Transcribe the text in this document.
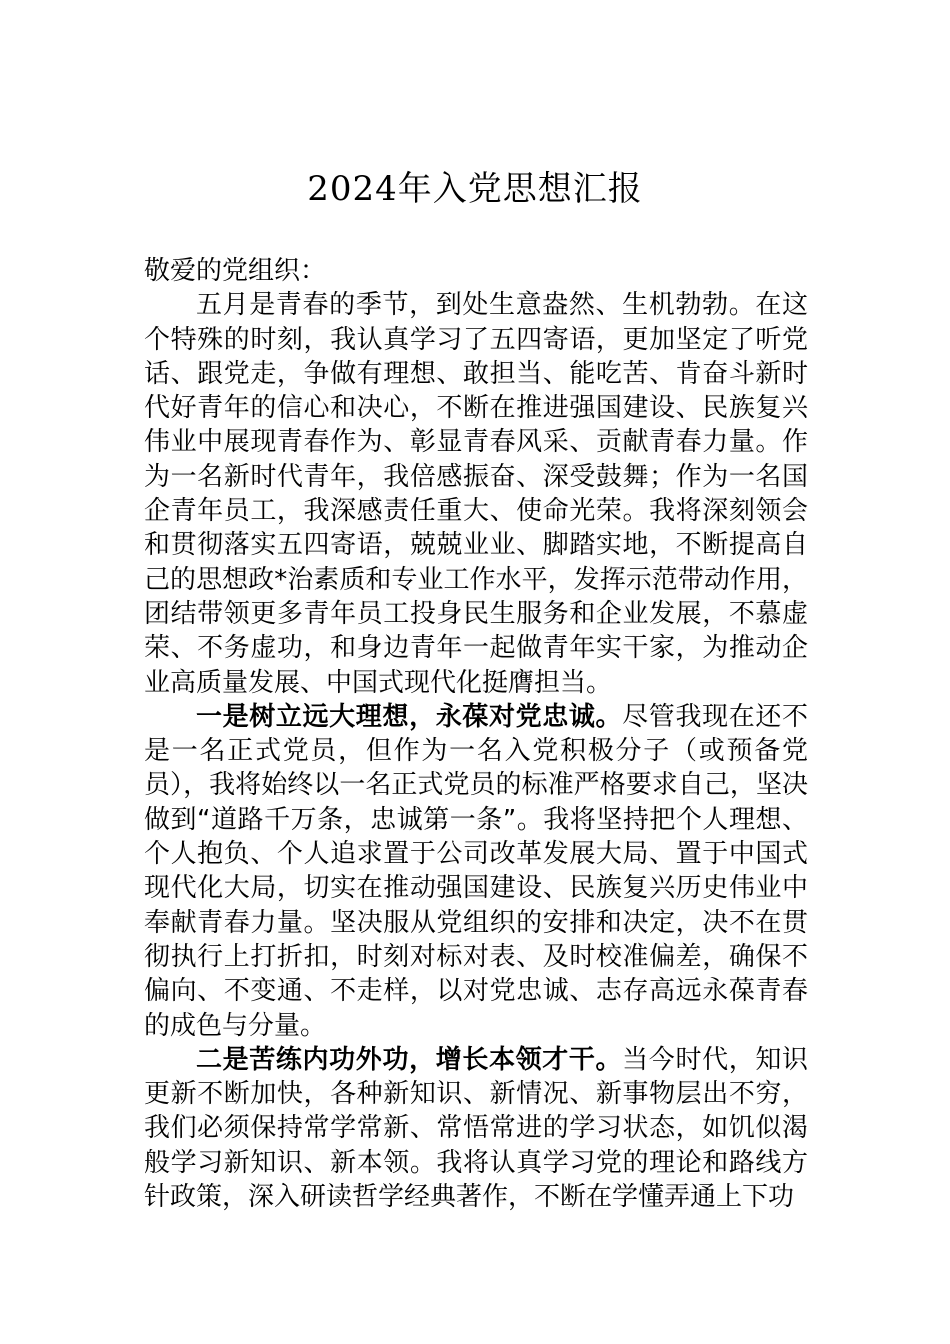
2024年入党思想汇报

敬爱的党组织：

五月是青春的季节，到处生意盎然、生机勃勃。在这个特殊的时刻，我认真学习了五四寄语，更加坚定了听党话、跟党走，争做有理想、敢担当、能吃苦、肯奋斗新时代好青年的信心和决心，不断在推进强国建设、民族复兴伟业中展现青春作为、彰显青春风采、贡献青春力量。作为一名新时代青年，我倍感振奋、深受鼓舞；作为一名国企青年员工，我深感责任重大、使命光荣。我将深刻领会和贯彻落实五四寄语，兢兢业业、脚踏实地，不断提高自己的思想政*治素质和专业工作水平，发挥示范带动作用，团结带领更多青年员工投身民生服务和企业发展，不慕虚荣、不务虚功，和身边青年一起做青年实干家，为推动企业高质量发展、中国式现代化挺膺担当。

一是树立远大理想，永葆对党忠诚。尽管我现在还不是一名正式党员，但作为一名入党积极分子（或预备党员），我将始终以一名正式党员的标准严格要求自己，坚决做到“道路千万条，忠诚第一条”。我将坚持把个人理想、个人抱负、个人追求置于公司改革发展大局、置于中国式现代化大局，切实在推动强国建设、民族复兴历史伟业中奉献青春力量。坚决服从党组织的安排和决定，决不在贯彻执行上打折扣，时刻对标对表、及时校准偏差，确保不偏向、不变通、不走样，以对党忠诚、志存高远永葆青春的成色与分量。

二是苦练内功外功，增长本领才干。当今时代，知识更新不断加快，各种新知识、新情况、新事物层出不穷，我们必须保持常学常新、常悟常进的学习状态，如饥似渴般学习新知识、新本领。我将认真学习党的理论和路线方针政策，深入研读哲学经典著作，不断在学懂弄通上下功
